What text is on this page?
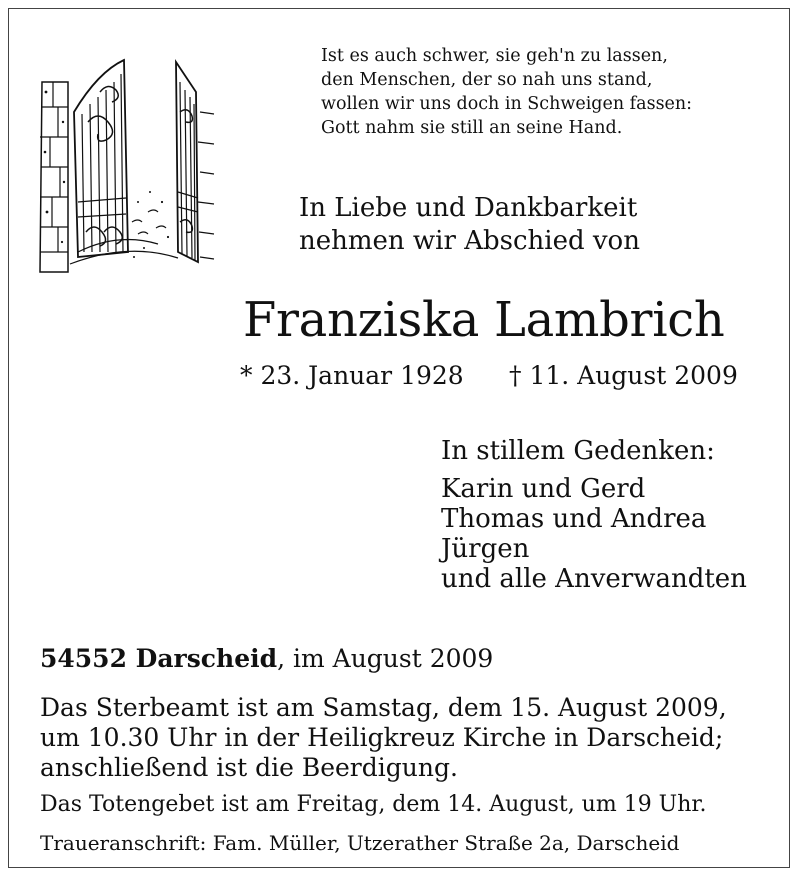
Ist es auch schwer, sie geh'n zu lassen,
den Menschen, der so nah uns stand,
wollen wir uns doch in Schweigen fassen:
Gott nahm sie still an seine Hand.
In Liebe und Dankbarkeit
nehmen wir Abschied von
Franziska Lambrich
* 23. Januar 1928 † 11. August 2009
In stillem Gedenken:
Karin und Gerd
Thomas und Andrea
Jürgen
und alle Anverwandten
54552 Darscheid, im August 2009
Das Sterbeamt ist am Samstag, dem 15. August 2009,
um 10.30 Uhr in der Heiligkreuz Kirche in Darscheid;
anschließend ist die Beerdigung.
Das Totengebet ist am Freitag, dem 14. August, um 19 Uhr.
Traueranschrift: Fam. Müller, Utzerather Straße 2a, Darscheid
